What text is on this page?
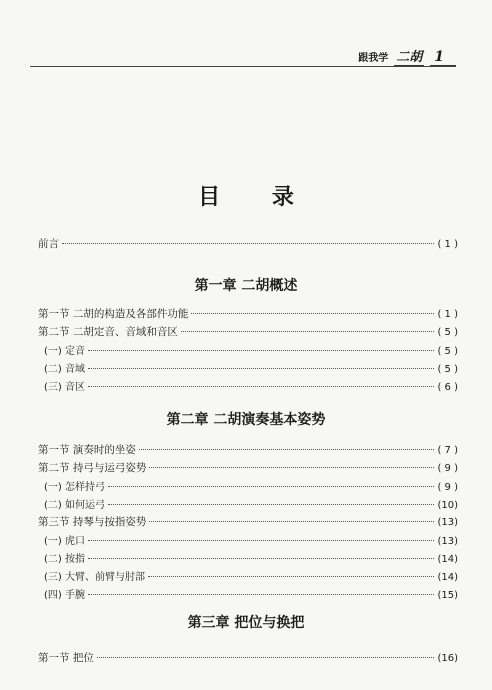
跟我学 二胡 1
目 录
前言	( 1 )
第一章 二胡概述
第一节 二胡的构造及各部件功能	( 1 )
第二节 二胡定音、音域和音区	( 5 )
(一) 定音	( 5 )
(二) 音域	( 5 )
(三) 音区	( 6 )
第二章 二胡演奏基本姿势
第一节 演奏时的坐姿	( 7 )
第二节 持弓与运弓姿势	( 9 )
(一) 怎样持弓	( 9 )
(二) 如何运弓	(10)
第三节 持琴与按指姿势	(13)
(一) 虎口	(13)
(二) 按指	(14)
(三) 大臂、前臂与肘部	(14)
(四) 手腕	(15)
第三章 把位与换把
第一节 把位	(16)
